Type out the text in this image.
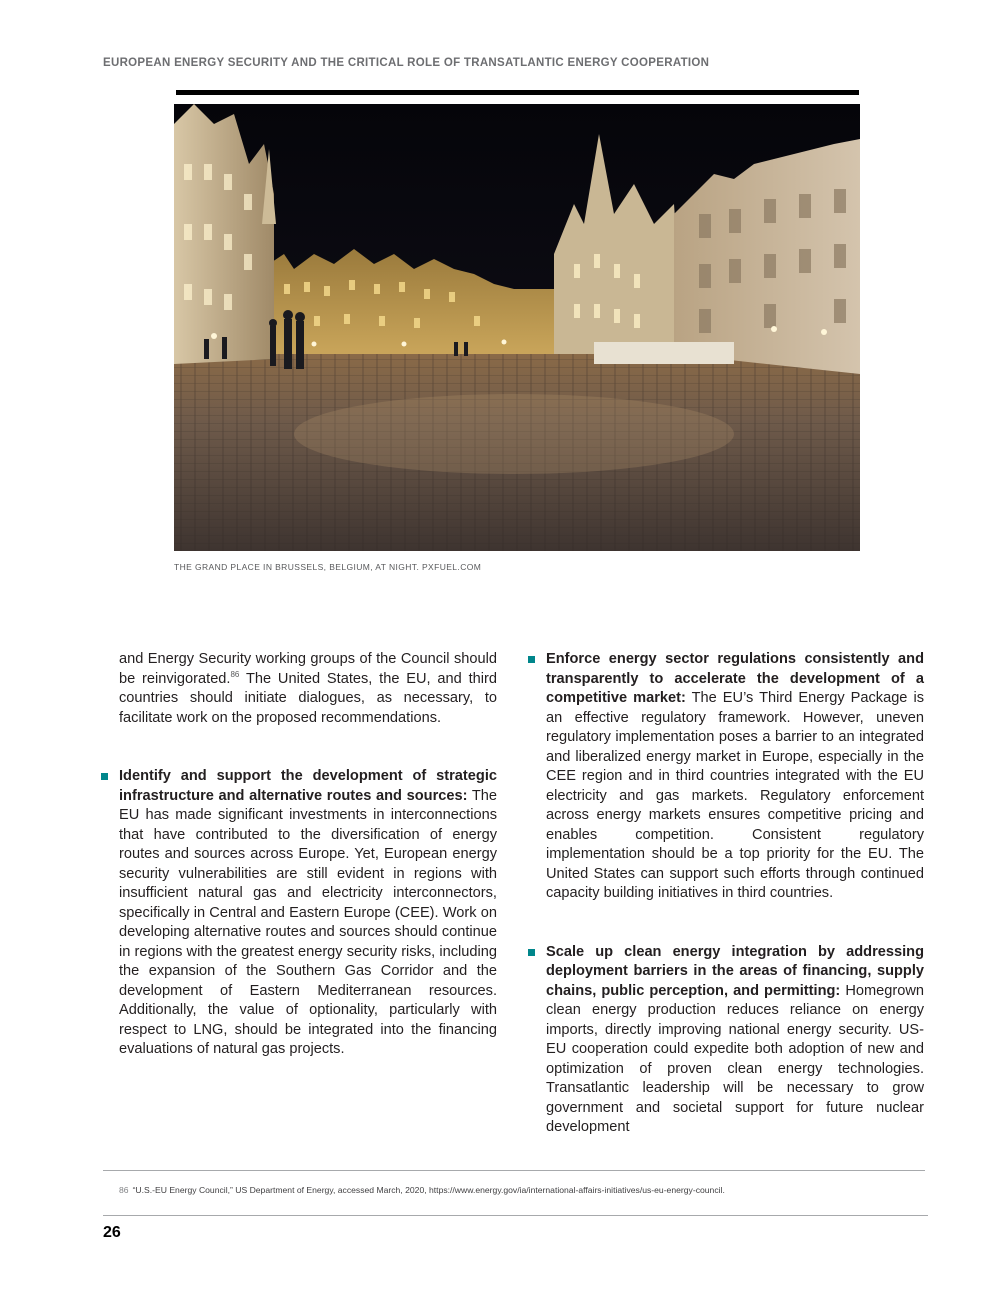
EUROPEAN ENERGY SECURITY AND THE CRITICAL ROLE OF TRANSATLANTIC ENERGY COOPERATION
THE GRAND PLACE IN BRUSSELS, BELGIUM, AT NIGHT. PXFUEL.COM

and Energy Security working groups of the Council should be reinvigorated.$^{86}$ The United States, the EU, and third countries should initiate dialogues, as necessary, to facilitate work on the proposed recommendations.

Identify and support the development of strategic infrastructure and alternative routes and sources: The EU has made significant investments in interconnections that have contributed to the diversification of energy routes and sources across Europe. Yet, European energy security vulnerabilities are still evident in regions with insufficient natural gas and electricity interconnectors, specifically in Central and Eastern Europe (CEE). Work on developing alternative routes and sources should continue in regions with the greatest energy security risks, including the expansion of the Southern Gas Corridor and the development of Eastern Mediterranean resources. Additionally, the value of optionality, particularly with respect to LNG, should be integrated into the financing evaluations of natural gas projects.

Enforce energy sector regulations consistently and transparently to accelerate the development of a competitive market: The EU’s Third Energy Package is an effective regulatory framework. However, uneven regulatory implementation poses a barrier to an integrated and liberalized energy market in Europe, especially in the CEE region and in third countries integrated with the EU electricity and gas markets. Regulatory enforcement across energy markets ensures competitive pricing and enables competition. Consistent regulatory implementation should be a top priority for the EU. The United States can support such efforts through continued capacity building initiatives in third countries.

Scale up clean energy integration by addressing deployment barriers in the areas of financing, supply chains, public perception, and permitting: Homegrown clean energy production reduces reliance on energy imports, directly improving national energy security. US-EU cooperation could expedite both adoption of new and optimization of proven clean energy technologies. Transatlantic leadership will be necessary to grow government and societal support for future nuclear development

86 “U.S.-EU Energy Council,” US Department of Energy, accessed March, 2020, https://www.energy.gov/ia/international-affairs-initiatives/us-eu-energy-council.
26
